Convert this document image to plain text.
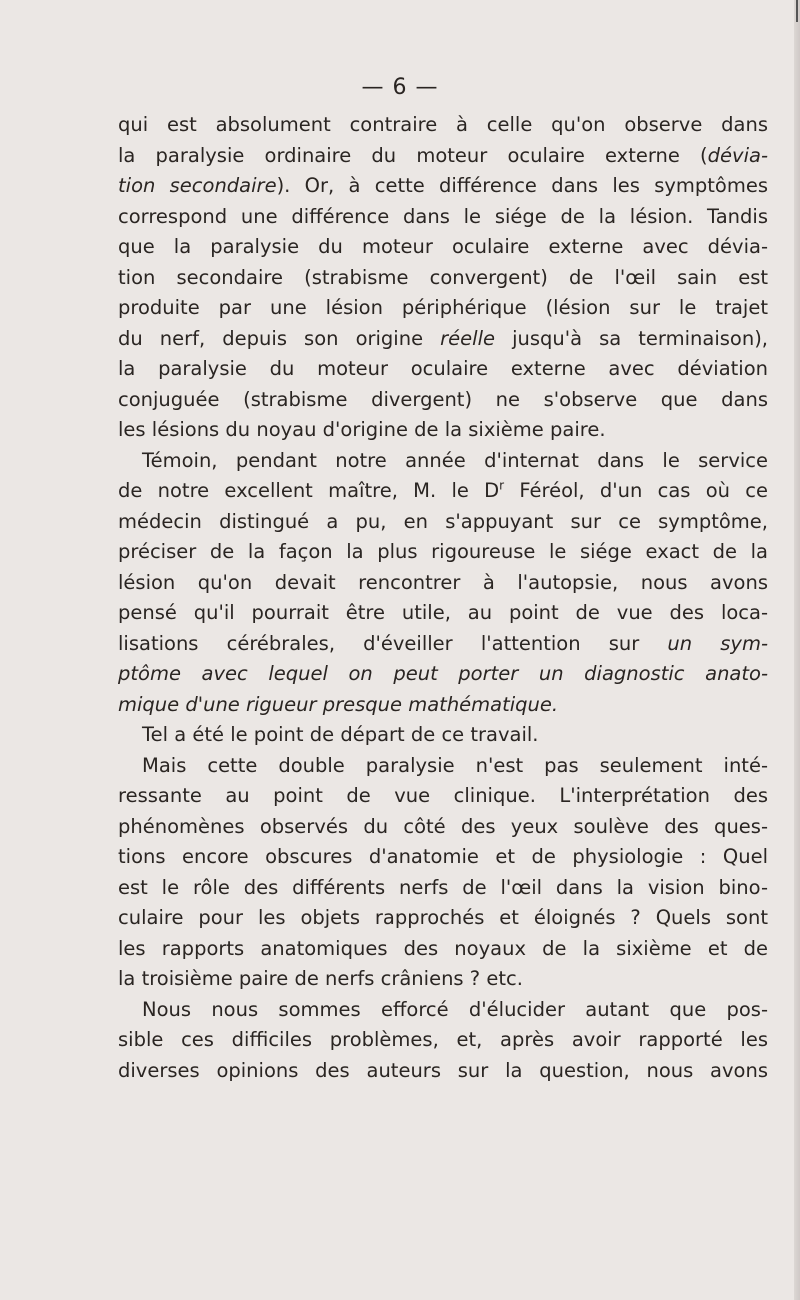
— 6 —
qui est absolument contraire à celle qu'on observe dans
la paralysie ordinaire du moteur oculaire externe (dévia-
tion secondaire). Or, à cette différence dans les symptômes
correspond une différence dans le siége de la lésion. Tandis
que la paralysie du moteur oculaire externe avec dévia-
tion secondaire (strabisme convergent) de l'œil sain est
produite par une lésion périphérique (lésion sur le trajet
du nerf, depuis son origine réelle jusqu'à sa terminaison),
la paralysie du moteur oculaire externe avec déviation
conjuguée (strabisme divergent) ne s'observe que dans
les lésions du noyau d'origine de la sixième paire.
Témoin, pendant notre année d'internat dans le service
de notre excellent maître, M. le $D^r$ Féréol, d'un cas où ce
médecin distingué a pu, en s'appuyant sur ce symptôme,
préciser de la façon la plus rigoureuse le siége exact de la
lésion qu'on devait rencontrer à l'autopsie, nous avons
pensé qu'il pourrait être utile, au point de vue des loca-
lisations cérébrales, d'éveiller l'attention sur un sym-
ptôme avec lequel on peut porter un diagnostic anato-
mique d'une rigueur presque mathématique.
Tel a été le point de départ de ce travail.
Mais cette double paralysie n'est pas seulement inté-
ressante au point de vue clinique. L'interprétation des
phénomènes observés du côté des yeux soulève des ques-
tions encore obscures d'anatomie et de physiologie : Quel
est le rôle des différents nerfs de l'œil dans la vision bino-
culaire pour les objets rapprochés et éloignés ? Quels sont
les rapports anatomiques des noyaux de la sixième et de
la troisième paire de nerfs crâniens ? etc.
Nous nous sommes efforcé d'élucider autant que pos-
sible ces difficiles problèmes, et, après avoir rapporté les
diverses opinions des auteurs sur la question, nous avons
